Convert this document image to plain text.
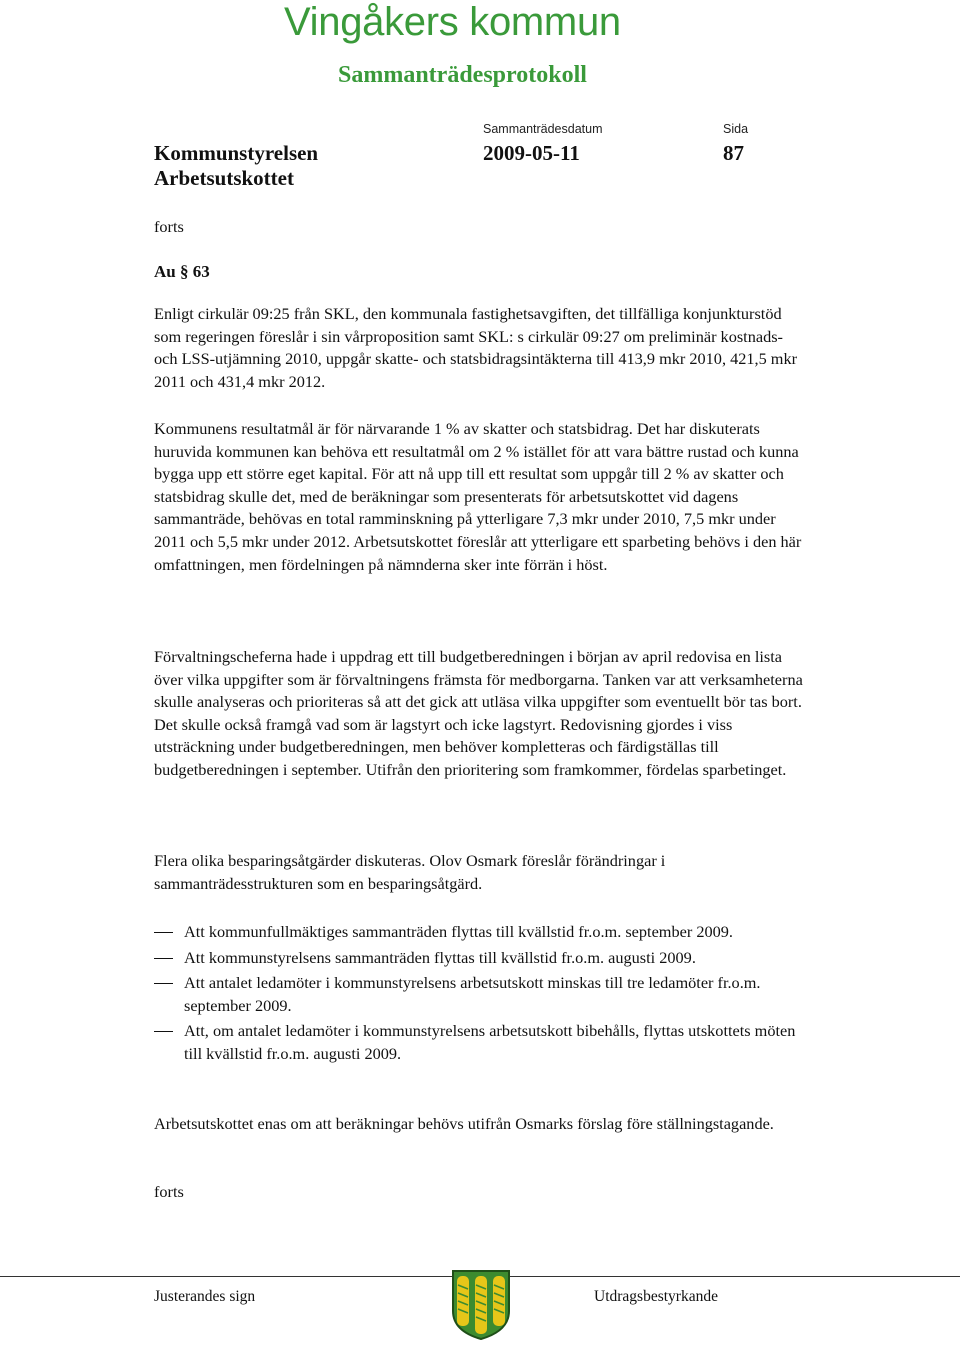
Vingåkers kommun
Sammanträdesprotokoll
Sammanträdesdatum	Sida
Kommunstyrelsen
Arbetsutskottet
2009-05-11	87
forts
Au § 63

Enligt cirkulär 09:25 från SKL, den kommunala fastighetsavgiften, det tillfälliga konjunkturstöd som regeringen föreslår i sin vårproposition samt SKL: s cirkulär 09:27 om preliminär kostnads- och LSS-utjämning 2010, uppgår skatte- och statsbidragsintäkterna till 413,9 mkr 2010, 421,5 mkr 2011 och 431,4 mkr 2012.

Kommunens resultatmål är för närvarande 1 % av skatter och statsbidrag. Det har diskuterats huruvida kommunen kan behöva ett resultatmål om 2 % istället för att vara bättre rustad och kunna bygga upp ett större eget kapital. För att nå upp till ett resultat som uppgår till 2 % av skatter och statsbidrag skulle det, med de beräkningar som presenterats för arbetsutskottet vid dagens sammanträde, behövas en total ramminskning på ytterligare 7,3 mkr under 2010, 7,5 mkr under 2011 och 5,5 mkr under 2012. Arbetsutskottet föreslår att ytterligare ett sparbeting behövs i den här omfattningen, men fördelningen på nämnderna sker inte förrän i höst.

Förvaltningscheferna hade i uppdrag ett till budgetberedningen i början av april redovisa en lista över vilka uppgifter som är förvaltningens främsta för medborgarna. Tanken var att verksamheterna skulle analyseras och prioriteras så att det gick att utläsa vilka uppgifter som eventuellt bör tas bort. Det skulle också framgå vad som är lagstyrt och icke lagstyrt. Redovisning gjordes i viss utsträckning under budgetberedningen, men behöver kompletteras och färdigställas till budgetberedningen i september. Utifrån den prioritering som framkommer, fördelas sparbetinget.

Flera olika besparingsåtgärder diskuteras. Olov Osmark föreslår förändringar i sammanträdesstrukturen som en besparingsåtgärd.

Att kommunfullmäktiges sammanträden flyttas till kvällstid fr.o.m. september 2009.
Att kommunstyrelsens sammanträden flyttas till kvällstid fr.o.m. augusti 2009.
Att antalet ledamöter i kommunstyrelsens arbetsutskott minskas till tre ledamöter fr.o.m. september 2009.
Att, om antalet ledamöter i kommunstyrelsens arbetsutskott bibehålls, flyttas utskottets möten till kvällstid fr.o.m. augusti 2009.

Arbetsutskottet enas om att beräkningar behövs utifrån Osmarks förslag före ställningstagande.

forts
Justerandes sign	Utdragsbestyrkande
